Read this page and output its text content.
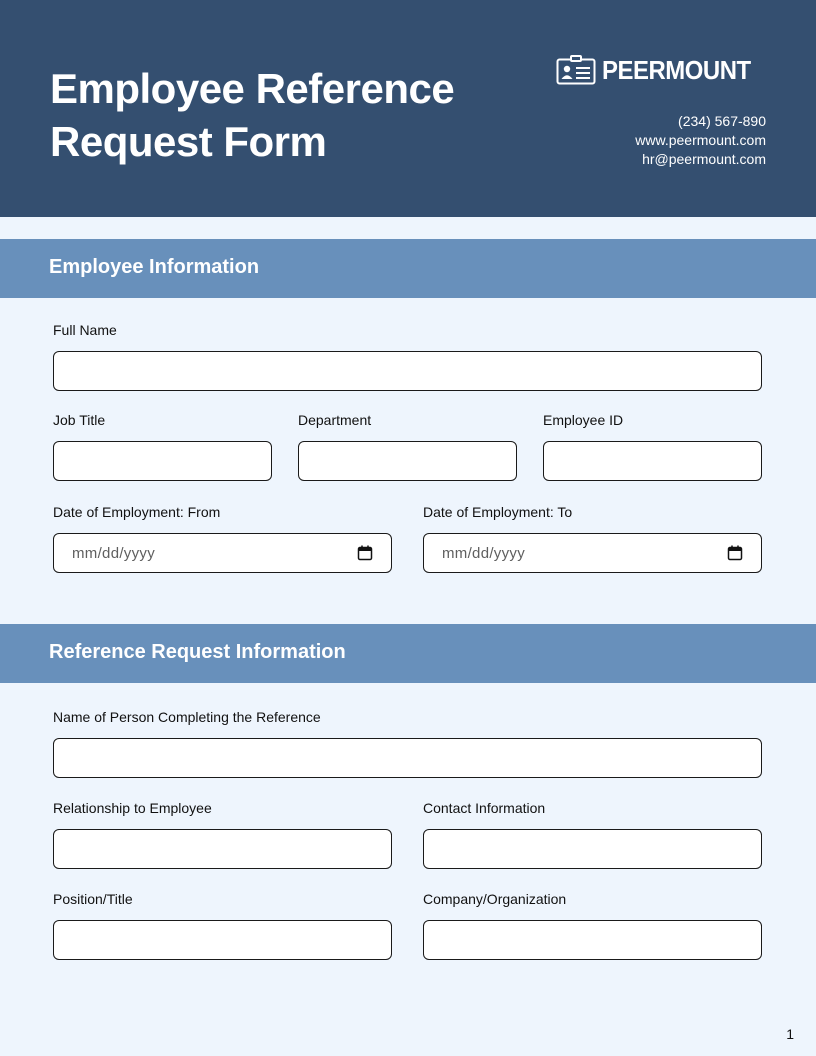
Employee Reference
Request Form
PEERMOUNT
(234) 567-890
www.peermount.com
hr@peermount.com
Employee Information
Full Name
Job Title	Department	Employee ID
Date of Employment: From
mm/dd/yyyy
Date of Employment: To
mm/dd/yyyy
Reference Request Information
Name of Person Completing the Reference
Relationship to Employee	Contact Information
Position/Title	Company/Organization
1
